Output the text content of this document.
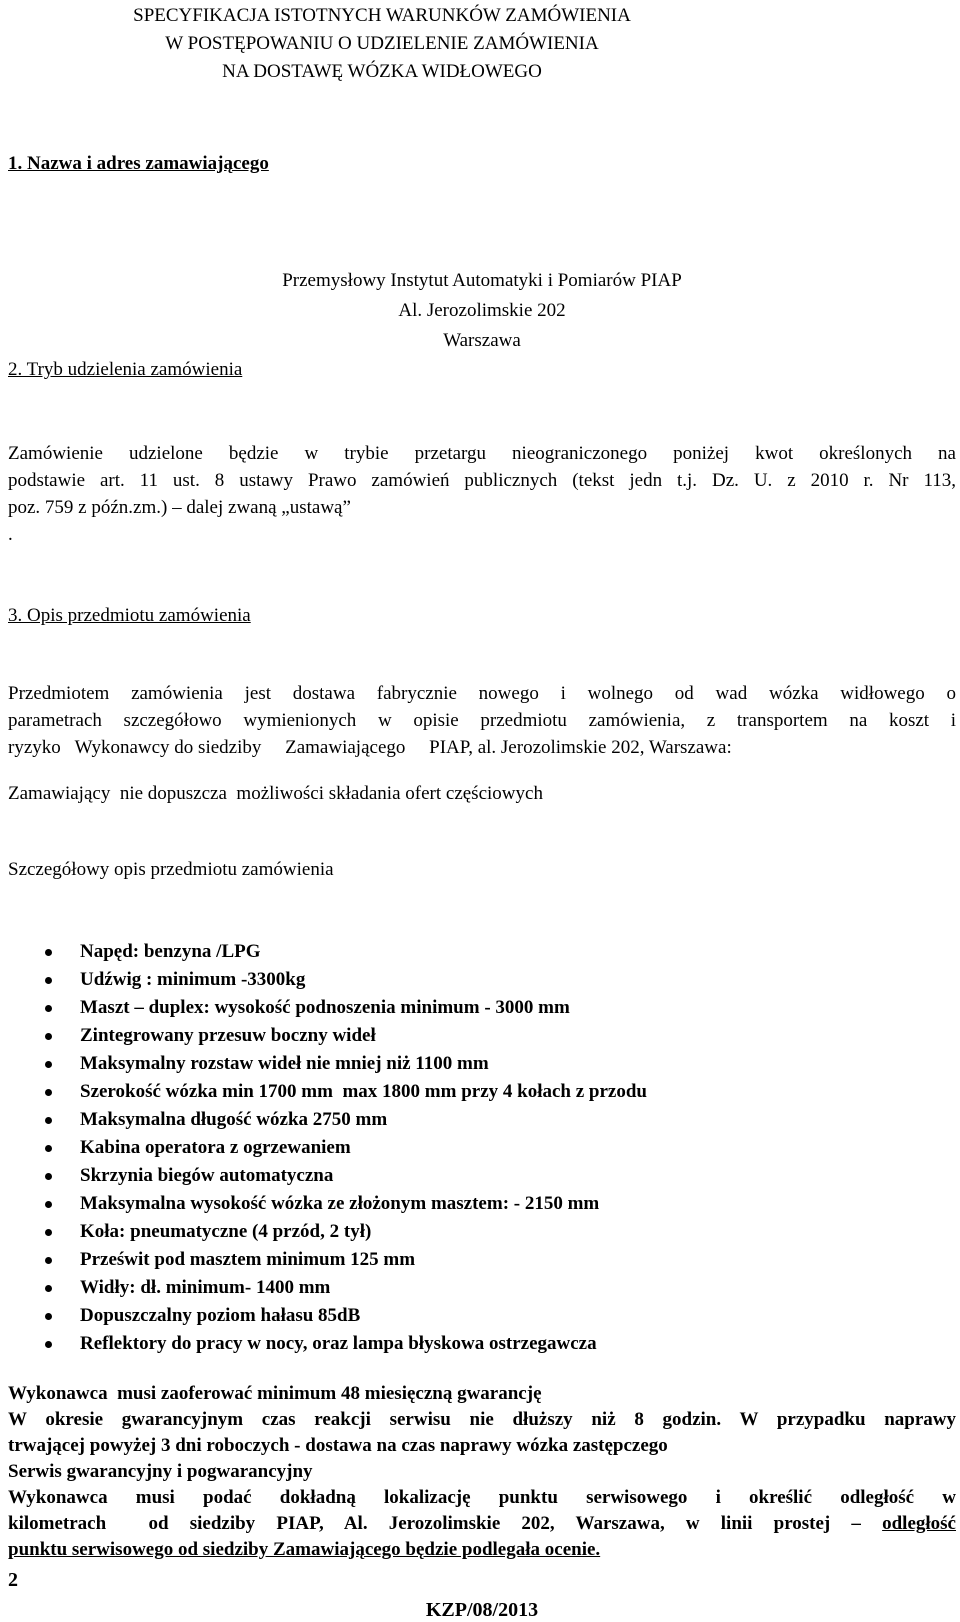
SPECYFIKACJA ISTOTNYCH WARUNKÓW ZAMÓWIENIA
W POSTĘPOWANIU O UDZIELENIE ZAMÓWIENIA
NA DOSTAWĘ WÓZKA WIDŁOWEGO
1. Nazwa i adres zamawiającego
Przemysłowy Instytut Automatyki i Pomiarów PIAP
Al. Jerozolimskie 202
Warszawa
2. Tryb udzielenia zamówienia
Zamówienie udzielone będzie w trybie przetargu nieograniczonego poniżej kwot określonych na
podstawie art. 11 ust. 8 ustawy Prawo zamówień publicznych (tekst jedn t.j. Dz. U. z 2010 r. Nr 113,
poz. 759 z późn.zm.) – dalej zwaną „ustawą”
.
3. Opis przedmiotu zamówienia
Przedmiotem zamówienia jest dostawa fabrycznie nowego i wolnego od wad wózka widłowego o
parametrach szczegółowo wymienionych w opisie przedmiotu zamówienia, z transportem na koszt i
ryzyko   Wykonawcy do siedziby     Zamawiającego     PIAP, al. Jerozolimskie 202, Warszawa:
Zamawiający  nie dopuszcza  możliwości składania ofert częściowych
Szczegółowy opis przedmiotu zamówienia
Napęd: benzyna /LPG
Udźwig : minimum -3300kg
Maszt – duplex: wysokość podnoszenia minimum - 3000 mm
Zintegrowany przesuw boczny wideł
Maksymalny rozstaw wideł nie mniej niż 1100 mm
Szerokość wózka min 1700 mm  max 1800 mm przy 4 kołach z przodu
Maksymalna długość wózka 2750 mm
Kabina operatora z ogrzewaniem
Skrzynia biegów automatyczna
Maksymalna wysokość wózka ze złożonym masztem: - 2150 mm
Koła: pneumatyczne (4 przód, 2 tył)
Prześwit pod masztem minimum 125 mm
Widły: dł. minimum- 1400 mm
Dopuszczalny poziom hałasu 85dB
Reflektory do pracy w nocy, oraz lampa błyskowa ostrzegawcza
Wykonawca  musi zaoferować minimum 48 miesięczną gwarancję
W okresie gwarancyjnym czas reakcji serwisu nie dłuższy niż 8 godzin. W przypadku naprawy
trwającej powyżej 3 dni roboczych - dostawa na czas naprawy wózka zastępczego
Serwis gwarancyjny i pogwarancyjny
Wykonawca musi podać dokładną lokalizację punktu serwisowego i określić odległość w
kilometrach  od siedziby PIAP, Al. Jerozolimskie 202, Warszawa, w linii prostej – odległość
punktu serwisowego od siedziby Zamawiającego będzie podlegała ocenie.
2
KZP/08/2013
